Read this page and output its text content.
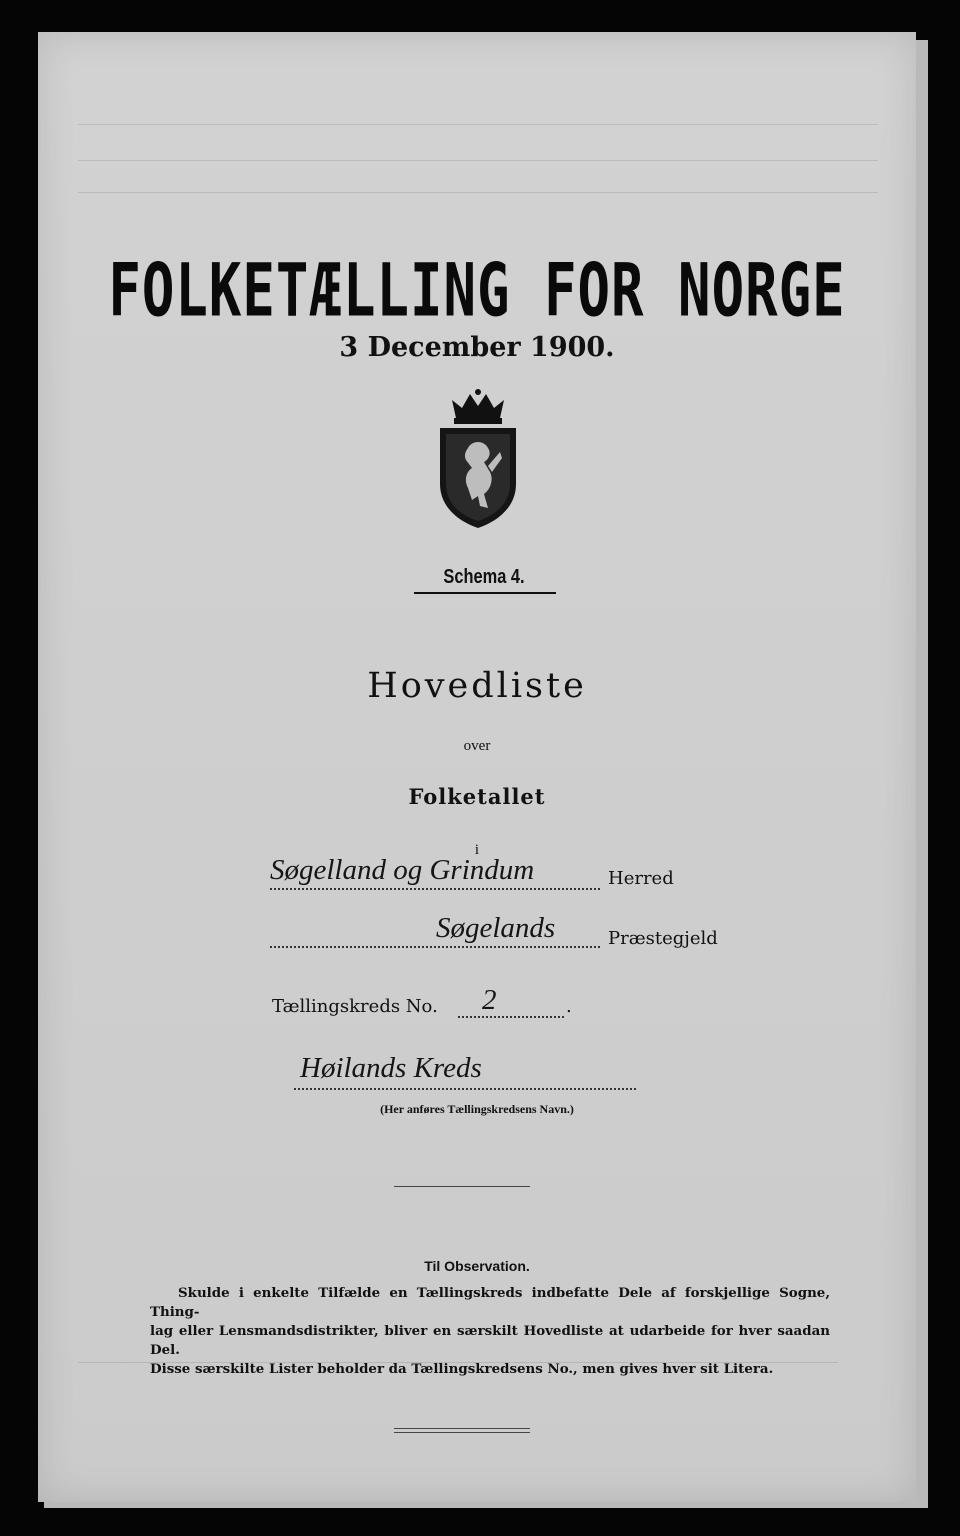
FOLKETÆLLING FOR NORGE
3 December 1900.
Schema 4.
Hovedliste
over
Folketallet
i
Søgelland og Grindum	Herred
Søgelands	Præstegjeld
Tællingskreds No. 2	.
Høilands Kreds
(Her anføres Tællingskredsens Navn.)
Til Observation.
Skulde i enkelte Tilfælde en Tællingskreds indbefatte Dele af forskjellige Sogne, Thing-
lag eller Lensmandsdistrikter, bliver en særskilt Hovedliste at udarbeide for hver saadan Del.
Disse særskilte Lister beholder da Tællingskredsens No., men gives hver sit Litera.
